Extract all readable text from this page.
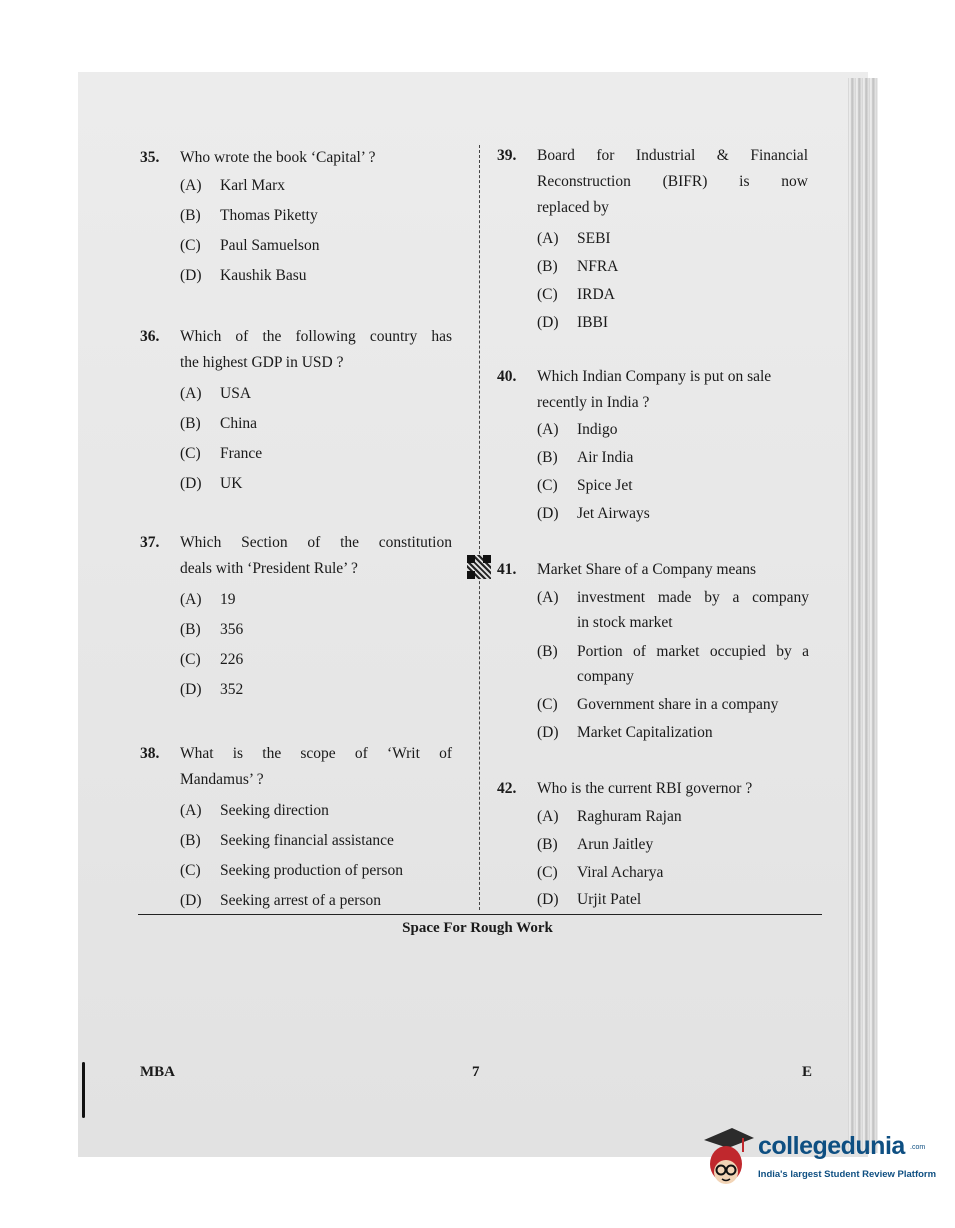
35. Who wrote the book ‘Capital’ ?
(A) Karl Marx
(B) Thomas Piketty
(C) Paul Samuelson
(D) Kaushik Basu
36. Which of the following country has
the highest GDP in USD ?
(A) USA
(B) China
(C) France
(D) UK
37. Which Section of the constitution
deals with ‘President Rule’ ?
(A) 19
(B) 356
(C) 226
(D) 352
38. What is the scope of ‘Writ of
Mandamus’ ?
(A) Seeking direction
(B) Seeking financial assistance
(C) Seeking production of person
(D) Seeking arrest of a person
39. Board for Industrial & Financial
Reconstruction (BIFR) is now
replaced by
(A) SEBI
(B) NFRA
(C) IRDA
(D) IBBI
40. Which Indian Company is put on sale
recently in India ?
(A) Indigo
(B) Air India
(C) Spice Jet
(D) Jet Airways
41. Market Share of a Company means
(A) investment made by a company
in stock market
(B) Portion of market occupied by a
company
(C) Government share in a company
(D) Market Capitalization
42. Who is the current RBI governor ?
(A) Raghuram Rajan
(B) Arun Jaitley
(C) Viral Acharya
(D) Urjit Patel
Space For Rough Work
MBA	7	E
collegedunia .com
India's largest Student Review Platform
